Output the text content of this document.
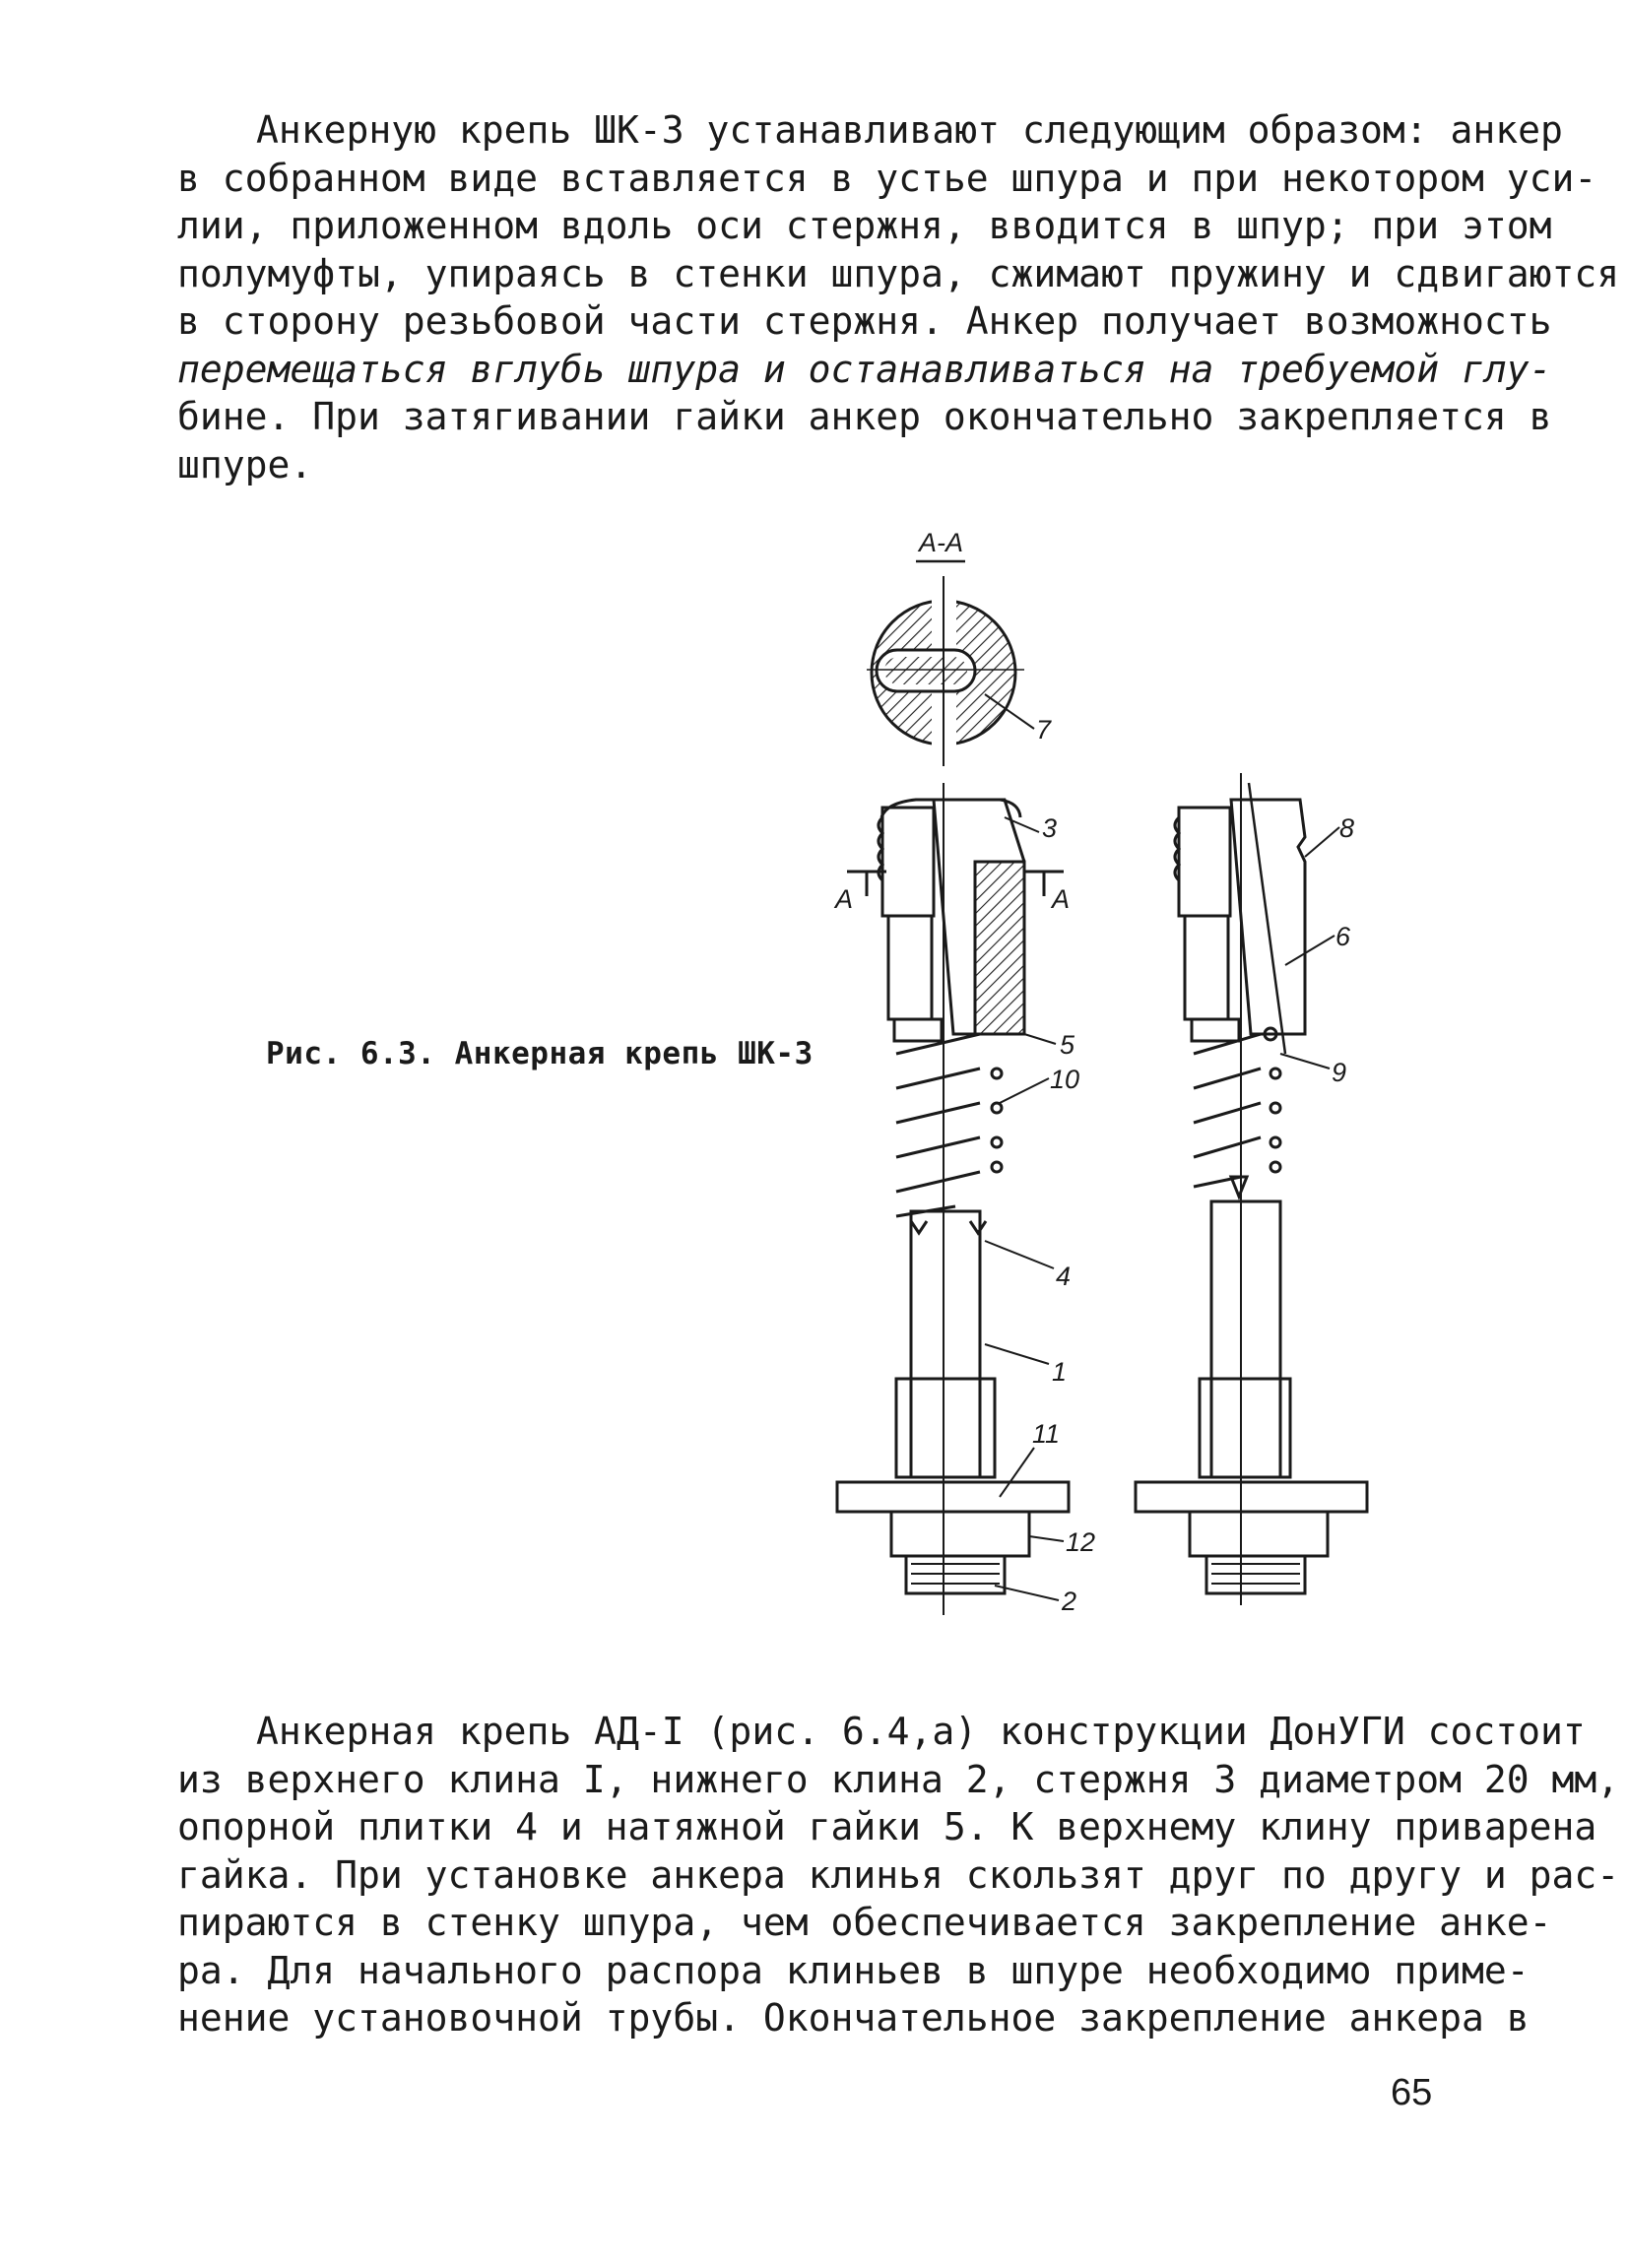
Анкерную крепь ШК-3 устанавливают следующим образом: анкер
в собранном виде вставляется в устье шпура и при некотором уси-
лии, приложенном вдоль оси стержня, вводится в шпур; при этом
полумуфты, упираясь в стенки шпура, сжимают пружину и сдвигаются
в сторону резьбовой части стержня. Анкер получает возможность
перемещаться вглубь шпура и останавливаться на требуемой глу-
бине. При затягивании гайки анкер окончательно закрепляется в
шпуре.
Рис. 6.3. Анкерная крепь ШК-3
А-А
7
А	А
3
5
10
4
1
11
12
2
8
6
9
Анкерная крепь АД-I (рис. 6.4,а) конструкции ДонУГИ состоит
из верхнего клина I, нижнего клина 2, стержня 3 диаметром 20 мм,
опорной плитки 4 и натяжной гайки 5. К верхнему клину приварена
гайка. При установке анкера клинья скользят друг по другу и рас-
пираются в стенку шпура, чем обеспечивается закрепление анке-
ра. Для начального распора клиньев в шпуре необходимо приме-
нение установочной трубы. Окончательное закрепление анкера в
65
